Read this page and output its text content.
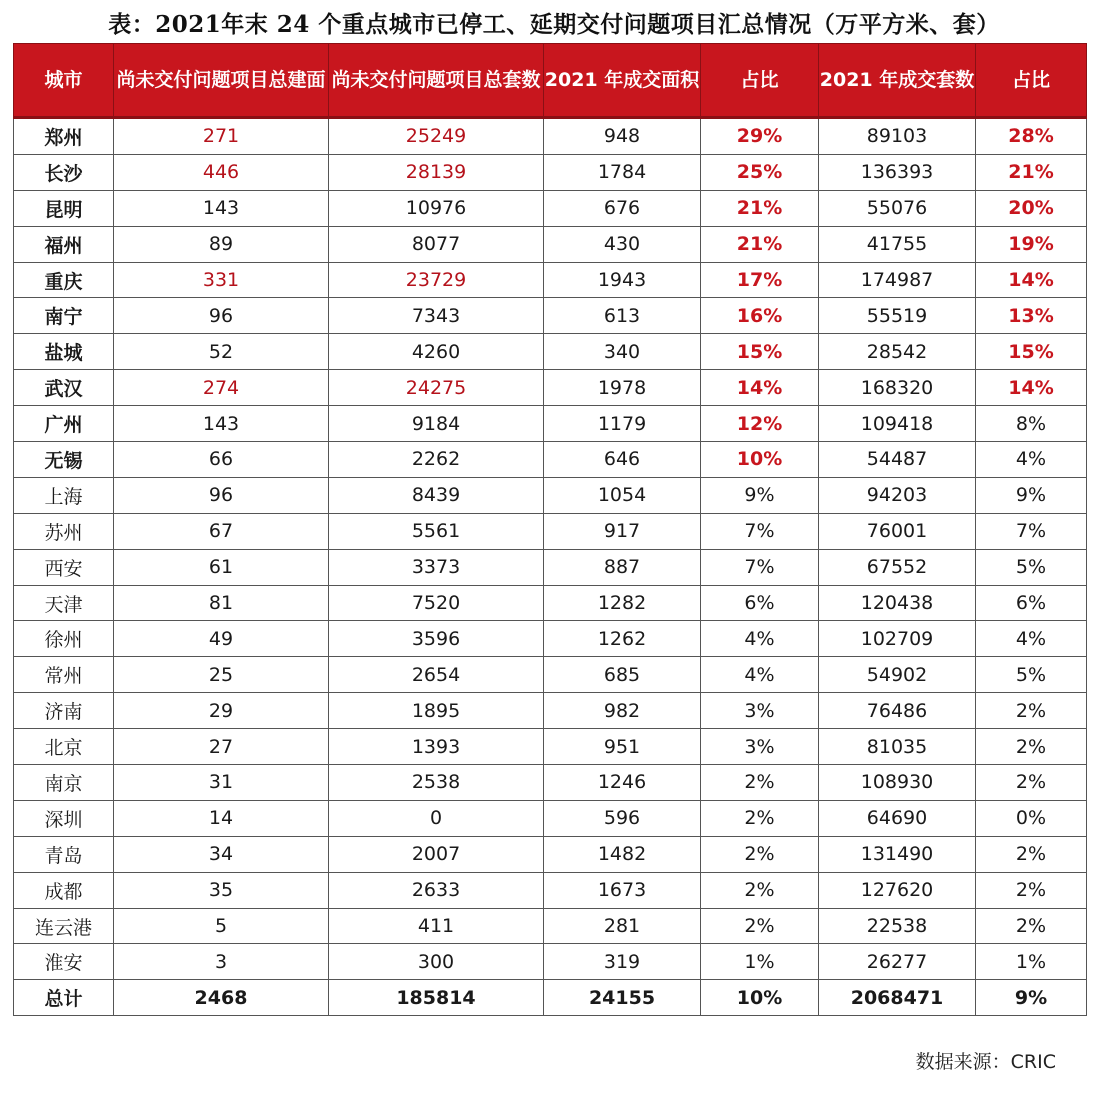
表：2021年末 24 个重点城市已停工、延期交付问题项目汇总情况（万平方米、套）
城市	尚未交付问题项目总建面	尚未交付问题项目总套数	2021 年成交面积	占比	2021 年成交套数	占比
郑州	271	25249	948	29%	89103	28%
长沙	446	28139	1784	25%	136393	21%
昆明	143	10976	676	21%	55076	20%
福州	89	8077	430	21%	41755	19%
重庆	331	23729	1943	17%	174987	14%
南宁	96	7343	613	16%	55519	13%
盐城	52	4260	340	15%	28542	15%
武汉	274	24275	1978	14%	168320	14%
广州	143	9184	1179	12%	109418	8%
无锡	66	2262	646	10%	54487	4%
上海	96	8439	1054	9%	94203	9%
苏州	67	5561	917	7%	76001	7%
西安	61	3373	887	7%	67552	5%
天津	81	7520	1282	6%	120438	6%
徐州	49	3596	1262	4%	102709	4%
常州	25	2654	685	4%	54902	5%
济南	29	1895	982	3%	76486	2%
北京	27	1393	951	3%	81035	2%
南京	31	2538	1246	2%	108930	2%
深圳	14	0	596	2%	64690	0%
青岛	34	2007	1482	2%	131490	2%
成都	35	2633	1673	2%	127620	2%
连云港	5	411	281	2%	22538	2%
淮安	3	300	319	1%	26277	1%
总计	2468	185814	24155	10%	2068471	9%
数据来源：CRIC
